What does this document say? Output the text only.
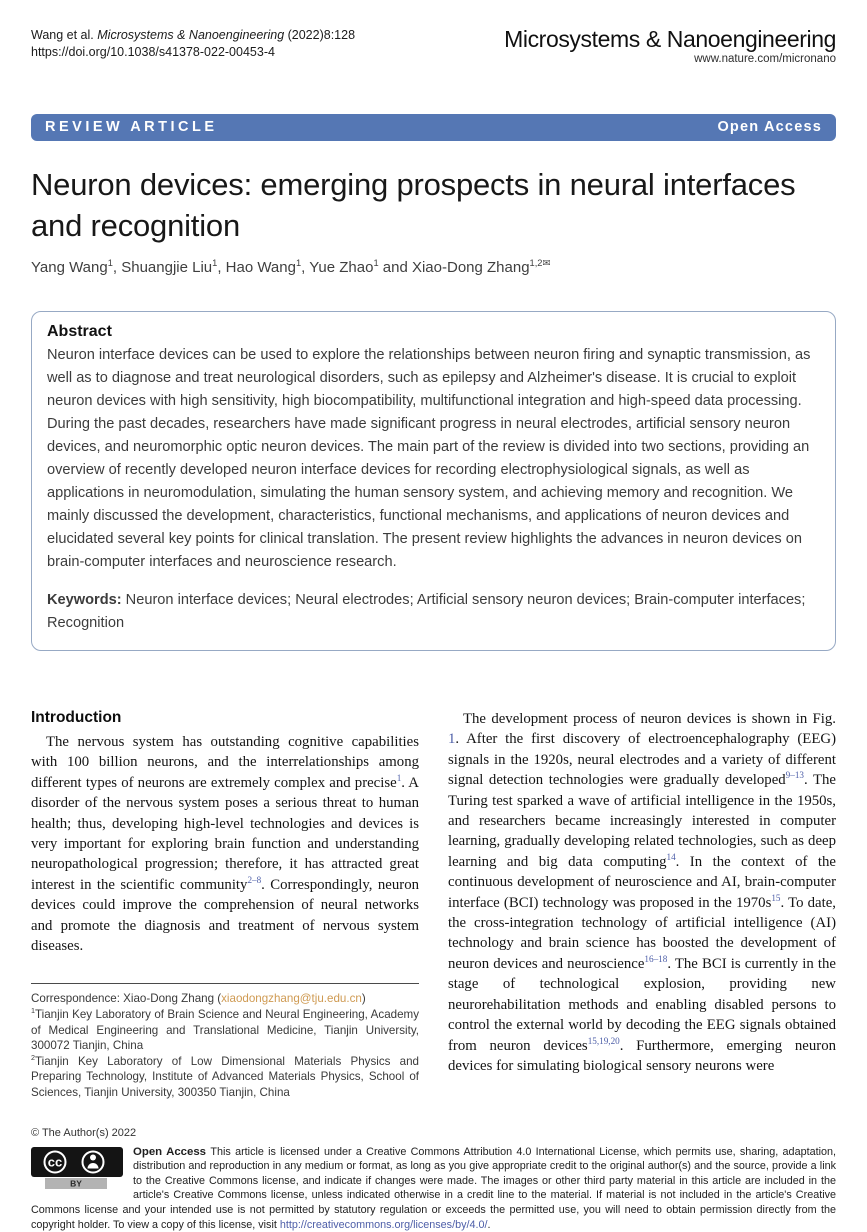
Wang et al. Microsystems & Nanoengineering (2022)8:128
https://doi.org/10.1038/s41378-022-00453-4	Microsystems & Nanoengineering
www.nature.com/micronano
REVIEW ARTICLE	Open Access
Neuron devices: emerging prospects in neural interfaces and recognition
Yang Wang$^1$, Shuangjie Liu$^1$, Hao Wang$^1$, Yue Zhao$^1$ and Xiao-Dong Zhang$^{1,2✉}$
Abstract
Neuron interface devices can be used to explore the relationships between neuron firing and synaptic transmission, as well as to diagnose and treat neurological disorders, such as epilepsy and Alzheimer's disease. It is crucial to exploit neuron devices with high sensitivity, high biocompatibility, multifunctional integration and high-speed data processing. During the past decades, researchers have made significant progress in neural electrodes, artificial sensory neuron devices, and neuromorphic optic neuron devices. The main part of the review is divided into two sections, providing an overview of recently developed neuron interface devices for recording electrophysiological signals, as well as applications in neuromodulation, simulating the human sensory system, and achieving memory and recognition. We mainly discussed the development, characteristics, functional mechanisms, and applications of neuron devices and elucidated several key points for clinical translation. The present review highlights the advances in neuron devices on brain-computer interfaces and neuroscience research.
Keywords: Neuron interface devices; Neural electrodes; Artificial sensory neuron devices; Brain-computer interfaces; Recognition
Introduction

The nervous system has outstanding cognitive capabilities with 100 billion neurons, and the interrelationships among different types of neurons are extremely complex and precise$^1$. A disorder of the nervous system poses a serious threat to human health; thus, developing high-level technologies and devices is very important for exploring brain function and understanding neuropathological progression; therefore, it has attracted great interest in the scientific community$^{2-8}$. Correspondingly, neuron devices could improve the comprehension of neural networks and promote the diagnosis and treatment of nervous system diseases.

Correspondence: Xiao-Dong Zhang (xiaodongzhang@tju.edu.cn)
$^1$Tianjin Key Laboratory of Brain Science and Neural Engineering, Academy of Medical Engineering and Translational Medicine, Tianjin University, 300072 Tianjin, China
$^2$Tianjin Key Laboratory of Low Dimensional Materials Physics and Preparing Technology, Institute of Advanced Materials Physics, School of Sciences, Tianjin University, 300350 Tianjin, China

The development process of neuron devices is shown in Fig. 1. After the first discovery of electroencephalography (EEG) signals in the 1920s, neural electrodes and a variety of different signal detection technologies were gradually developed$^{9-13}$. The Turing test sparked a wave of artificial intelligence in the 1950s, and researchers became increasingly interested in computer learning, gradually developing related technologies, such as deep learning and big data computing$^{14}$. In the context of the continuous development of neuroscience and AI, brain-computer interface (BCI) technology was proposed in the 1970s$^{15}$. To date, the cross-integration technology of artificial intelligence (AI) technology and brain science has boosted the development of neuron devices and neuroscience$^{16-18}$. The BCI is currently in the stage of technological explosion, providing new neurorehabilitation methods and enabling disabled persons to control the external world by decoding the EEG signals obtained from neuron devices$^{15,19,20}$. Furthermore, emerging neuron devices for simulating biological sensory neurons were

© The Author(s) 2022
cc
BY
Open Access This article is licensed under a Creative Commons Attribution 4.0 International License, which permits use, sharing, adaptation, distribution and reproduction in any medium or format, as long as you give appropriate credit to the original author(s) and the source, provide a link to the Creative Commons license, and indicate if changes were made. The images or other third party material in this article are included in the article's Creative Commons license, unless indicated otherwise in a credit line to the material. If material is not included in the article's Creative Commons license and your intended use is not permitted by statutory regulation or exceeds the permitted use, you will need to obtain permission directly from the copyright holder. To view a copy of this license, visit http://creativecommons.org/licenses/by/4.0/.
